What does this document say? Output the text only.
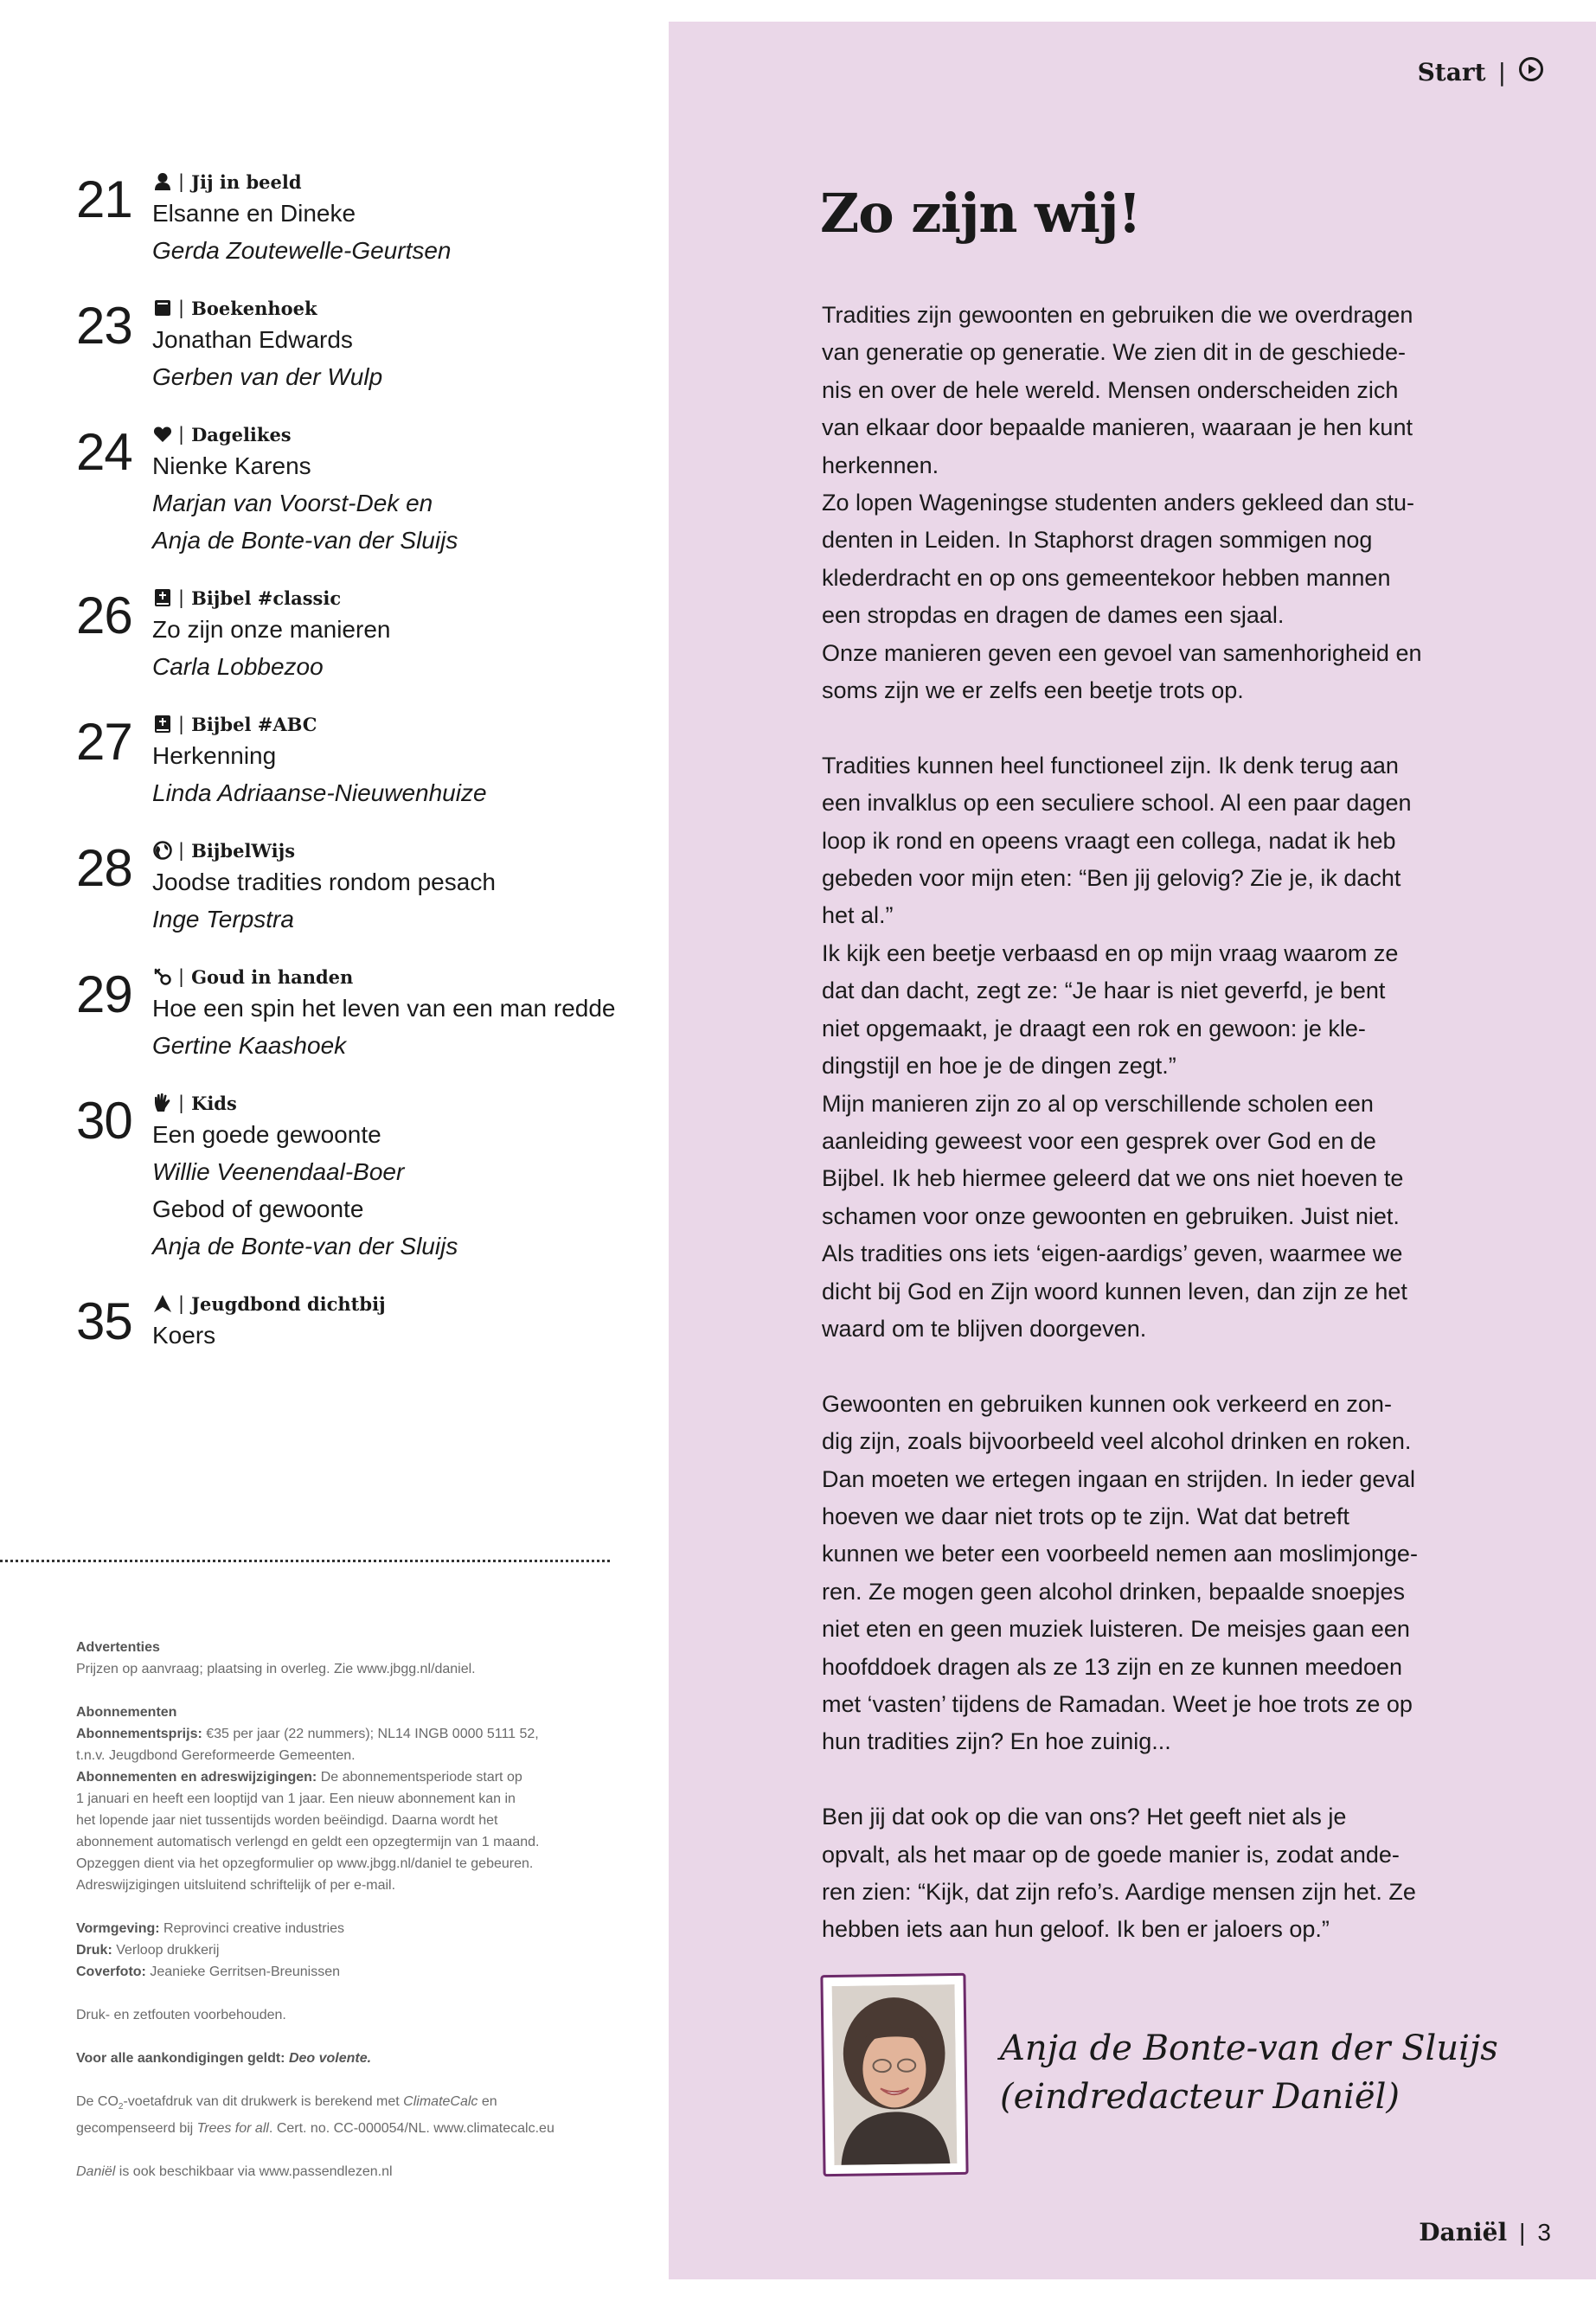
21	| Jij in beeld
Elsanne en Dineke
Gerda Zoutewelle-Geurtsen
23	| Boekenhoek
Jonathan Edwards
Gerben van der Wulp
24	| Dagelikes
Nienke Karens
Marjan van Voorst-Dek en
Anja de Bonte-van der Sluijs
26	| Bijbel #classic
Zo zijn onze manieren
Carla Lobbezoo
27	| Bijbel #ABC
Herkenning
Linda Adriaanse-Nieuwenhuize
28	| BijbelWijs
Joodse tradities rondom pesach
Inge Terpstra
29	| Goud in handen
Hoe een spin het leven van een man redde
Gertine Kaashoek
30	| Kids
Een goede gewoonte
Willie Veenendaal-Boer
Gebod of gewoonte
Anja de Bonte-van der Sluijs
35	| Jeugdbond dichtbij
Koers
Advertenties
Prijzen op aanvraag; plaatsing in overleg. Zie www.jbgg.nl/daniel.
Abonnementen
Abonnementsprijs: €35 per jaar (22 nummers); NL14 INGB 0000 5111 52,
t.n.v. Jeugdbond Gereformeerde Gemeenten.
Abonnementen en adreswijzigingen: De abonnementsperiode start op
1 januari en heeft een looptijd van 1 jaar. Een nieuw abonnement kan in
het lopende jaar niet tussentijds worden beëindigd. Daarna wordt het
abonnement automatisch verlengd en geldt een opzegtermijn van 1 maand.
Opzeggen dient via het opzegformulier op www.jbgg.nl/daniel te gebeuren.
Adreswijzigingen uitsluitend schriftelijk of per e-mail.
Vormgeving: Reprovinci creative industries
Druk: Verloop drukkerij
Coverfoto: Jeanieke Gerritsen-Breunissen
Druk- en zetfouten voorbehouden.
Voor alle aankondigingen geldt: Deo volente.
De $CO_2$-voetafdruk van dit drukwerk is berekend met ClimateCalc en
gecompenseerd bij Trees for all. Cert. no. CC-000054/NL. www.climatecalc.eu
Daniël is ook beschikbaar via www.passendlezen.nl
Start |
Zo zijn wij!

Tradities zijn gewoonten en gebruiken die we overdragen
van generatie op generatie. We zien dit in de geschiede-
nis en over de hele wereld. Mensen onderscheiden zich
van elkaar door bepaalde manieren, waaraan je hen kunt
herkennen.
Zo lopen Wageningse studenten anders gekleed dan stu-
denten in Leiden. In Staphorst dragen sommigen nog
klederdracht en op ons gemeentekoor hebben mannen
een stropdas en dragen de dames een sjaal.
Onze manieren geven een gevoel van samenhorigheid en
soms zijn we er zelfs een beetje trots op.

Tradities kunnen heel functioneel zijn. Ik denk terug aan
een invalklus op een seculiere school. Al een paar dagen
loop ik rond en opeens vraagt een collega, nadat ik heb
gebeden voor mijn eten: “Ben jij gelovig? Zie je, ik dacht
het al.”
Ik kijk een beetje verbaasd en op mijn vraag waarom ze
dat dan dacht, zegt ze: “Je haar is niet geverfd, je bent
niet opgemaakt, je draagt een rok en gewoon: je kle-
dingstijl en hoe je de dingen zegt.”
Mijn manieren zijn zo al op verschillende scholen een
aanleiding geweest voor een gesprek over God en de
Bijbel. Ik heb hiermee geleerd dat we ons niet hoeven te
schamen voor onze gewoonten en gebruiken. Juist niet.
Als tradities ons iets ‘eigen-aardigs’ geven, waarmee we
dicht bij God en Zijn woord kunnen leven, dan zijn ze het
waard om te blijven doorgeven.

Gewoonten en gebruiken kunnen ook verkeerd en zon-
dig zijn, zoals bijvoorbeeld veel alcohol drinken en roken.
Dan moeten we ertegen ingaan en strijden. In ieder geval
hoeven we daar niet trots op te zijn. Wat dat betreft
kunnen we beter een voorbeeld nemen aan moslimjonge-
ren. Ze mogen geen alcohol drinken, bepaalde snoepjes
niet eten en geen muziek luisteren. De meisjes gaan een
hoofddoek dragen als ze 13 zijn en ze kunnen meedoen
met ‘vasten’ tijdens de Ramadan. Weet je hoe trots ze op
hun tradities zijn? En hoe zuinig...

Ben jij dat ook op die van ons? Het geeft niet als je
opvalt, als het maar op de goede manier is, zodat ande-
ren zien: “Kijk, dat zijn refo’s. Aardige mensen zijn het. Ze
hebben iets aan hun geloof. Ik ben er jaloers op.”

Anja de Bonte-van der Sluijs
(eindredacteur Daniël)
Daniël | 3
